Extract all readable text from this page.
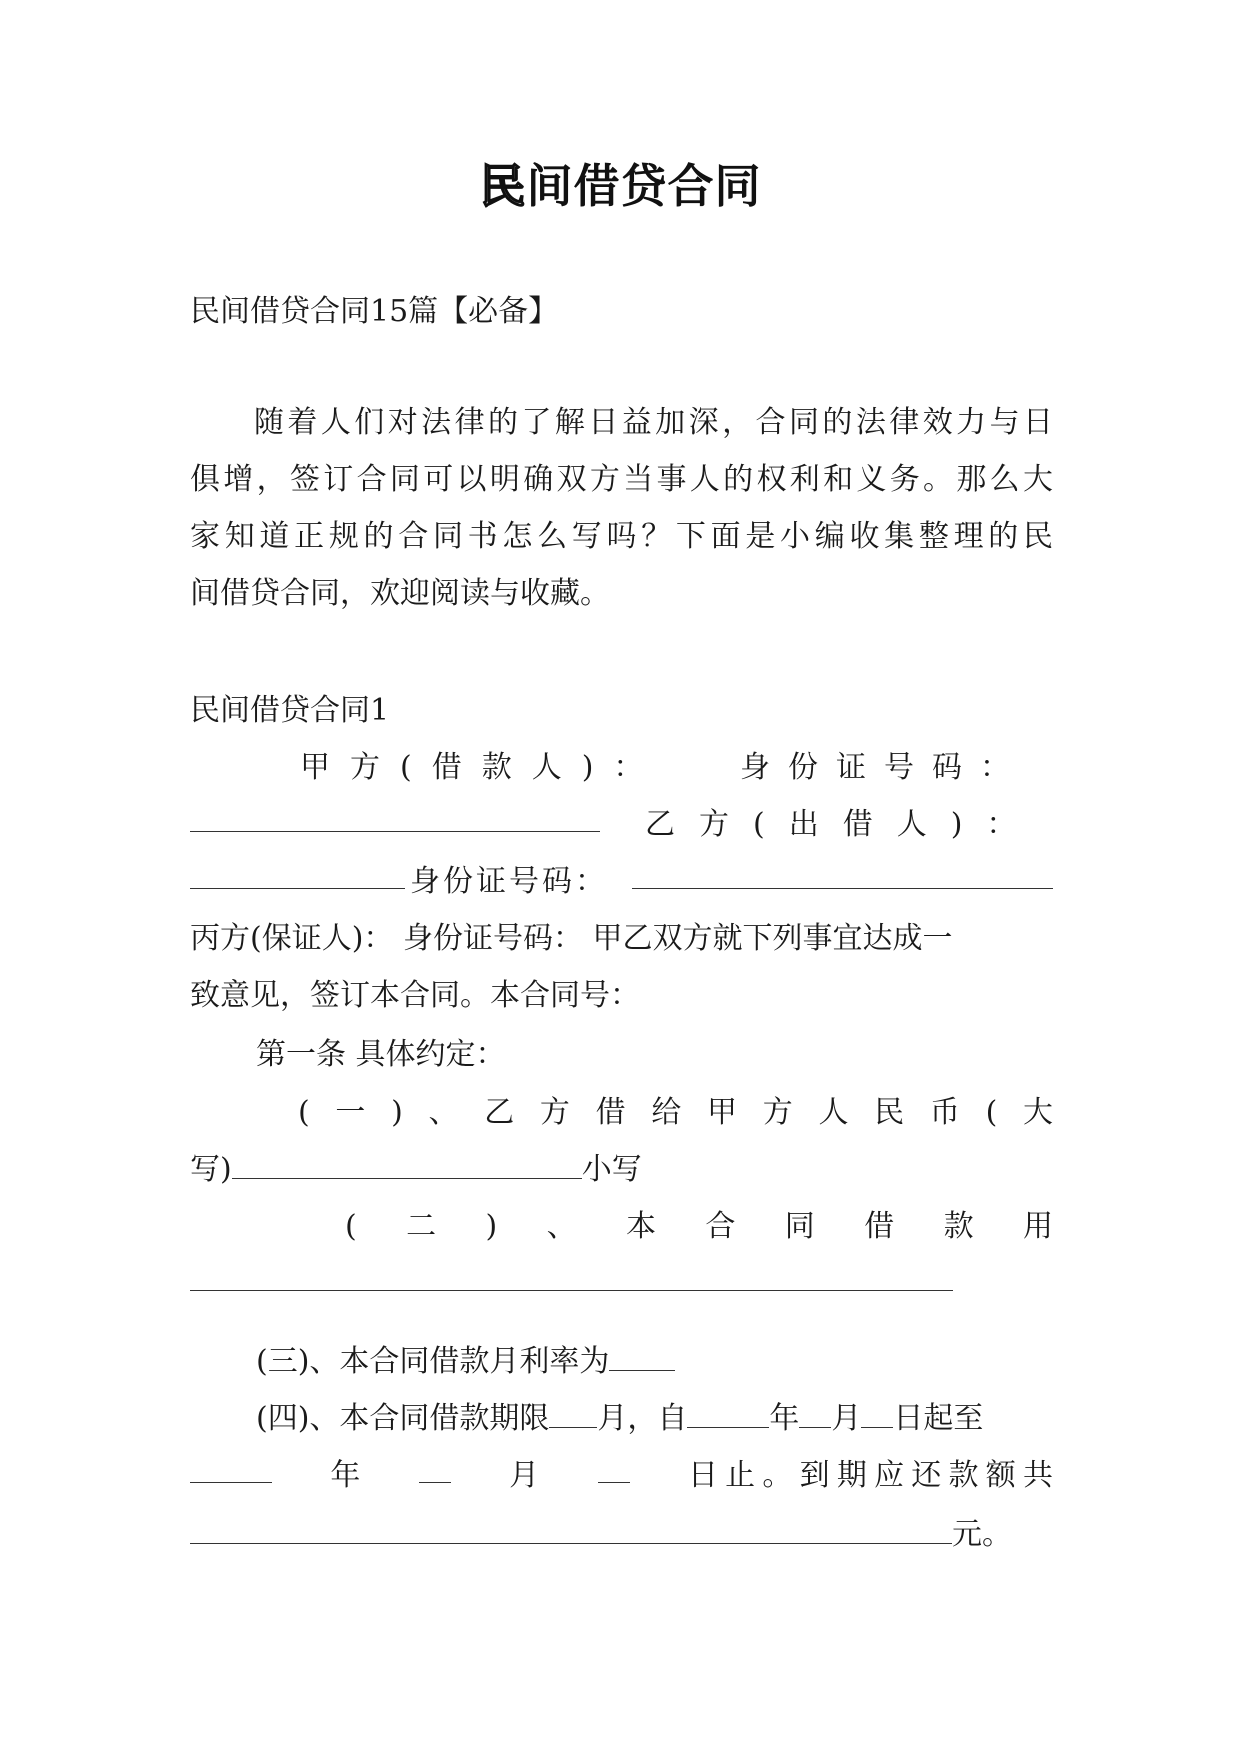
民间借贷合同
民间借贷合同15篇【必备】
随着人们对法律的了解日益加深，合同的法律效力与日
俱增，签订合同可以明确双方当事人的权利和义务。那么大
家知道正规的合同书怎么写吗？下面是小编收集整理的民
间借贷合同，欢迎阅读与收藏。
民间借贷合同1
甲方(借款人)：	身份证号码：
乙方(出借人)：
身份证号码：
丙方(保证人)： 身份证号码： 甲乙双方就下列事宜达成一
致意见，签订本合同。本合同号：
第一条 具体约定：
(一)、乙方借给甲方人民币(大
写)	小写
(二)、本合同借款用
(三)、本合同借款月利率为
(四)、本合同借款期限 月，自	年 月 日起至
年	月	日止。到期应还款额共
元。
